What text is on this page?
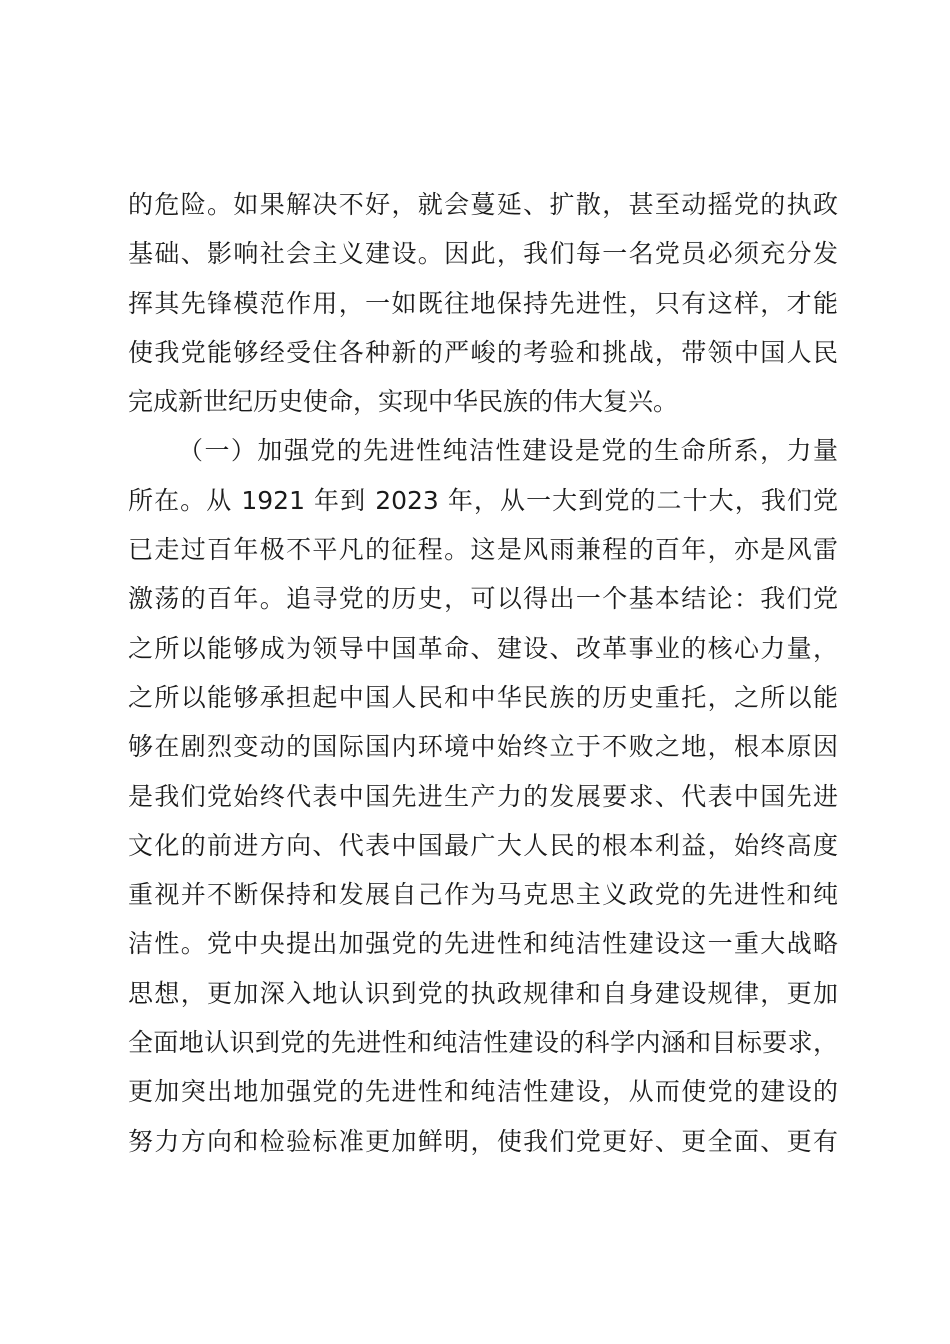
的危险。如果解决不好，就会蔓延、扩散，甚至动摇党的执政
基础、影响社会主义建设。因此，我们每一名党员必须充分发
挥其先锋模范作用，一如既往地保持先进性，只有这样，才能
使我党能够经受住各种新的严峻的考验和挑战，带领中国人民
完成新世纪历史使命，实现中华民族的伟大复兴。
（一）加强党的先进性纯洁性建设是党的生命所系，力量
所在。从 1921 年到 2023 年，从一大到党的二十大，我们党
已走过百年极不平凡的征程。这是风雨兼程的百年，亦是风雷
激荡的百年。追寻党的历史，可以得出一个基本结论：我们党
之所以能够成为领导中国革命、建设、改革事业的核心力量，
之所以能够承担起中国人民和中华民族的历史重托，之所以能
够在剧烈变动的国际国内环境中始终立于不败之地，根本原因
是我们党始终代表中国先进生产力的发展要求、代表中国先进
文化的前进方向、代表中国最广大人民的根本利益，始终高度
重视并不断保持和发展自己作为马克思主义政党的先进性和纯
洁性。党中央提出加强党的先进性和纯洁性建设这一重大战略
思想，更加深入地认识到党的执政规律和自身建设规律，更加
全面地认识到党的先进性和纯洁性建设的科学内涵和目标要求，
更加突出地加强党的先进性和纯洁性建设，从而使党的建设的
努力方向和检验标准更加鲜明，使我们党更好、更全面、更有
